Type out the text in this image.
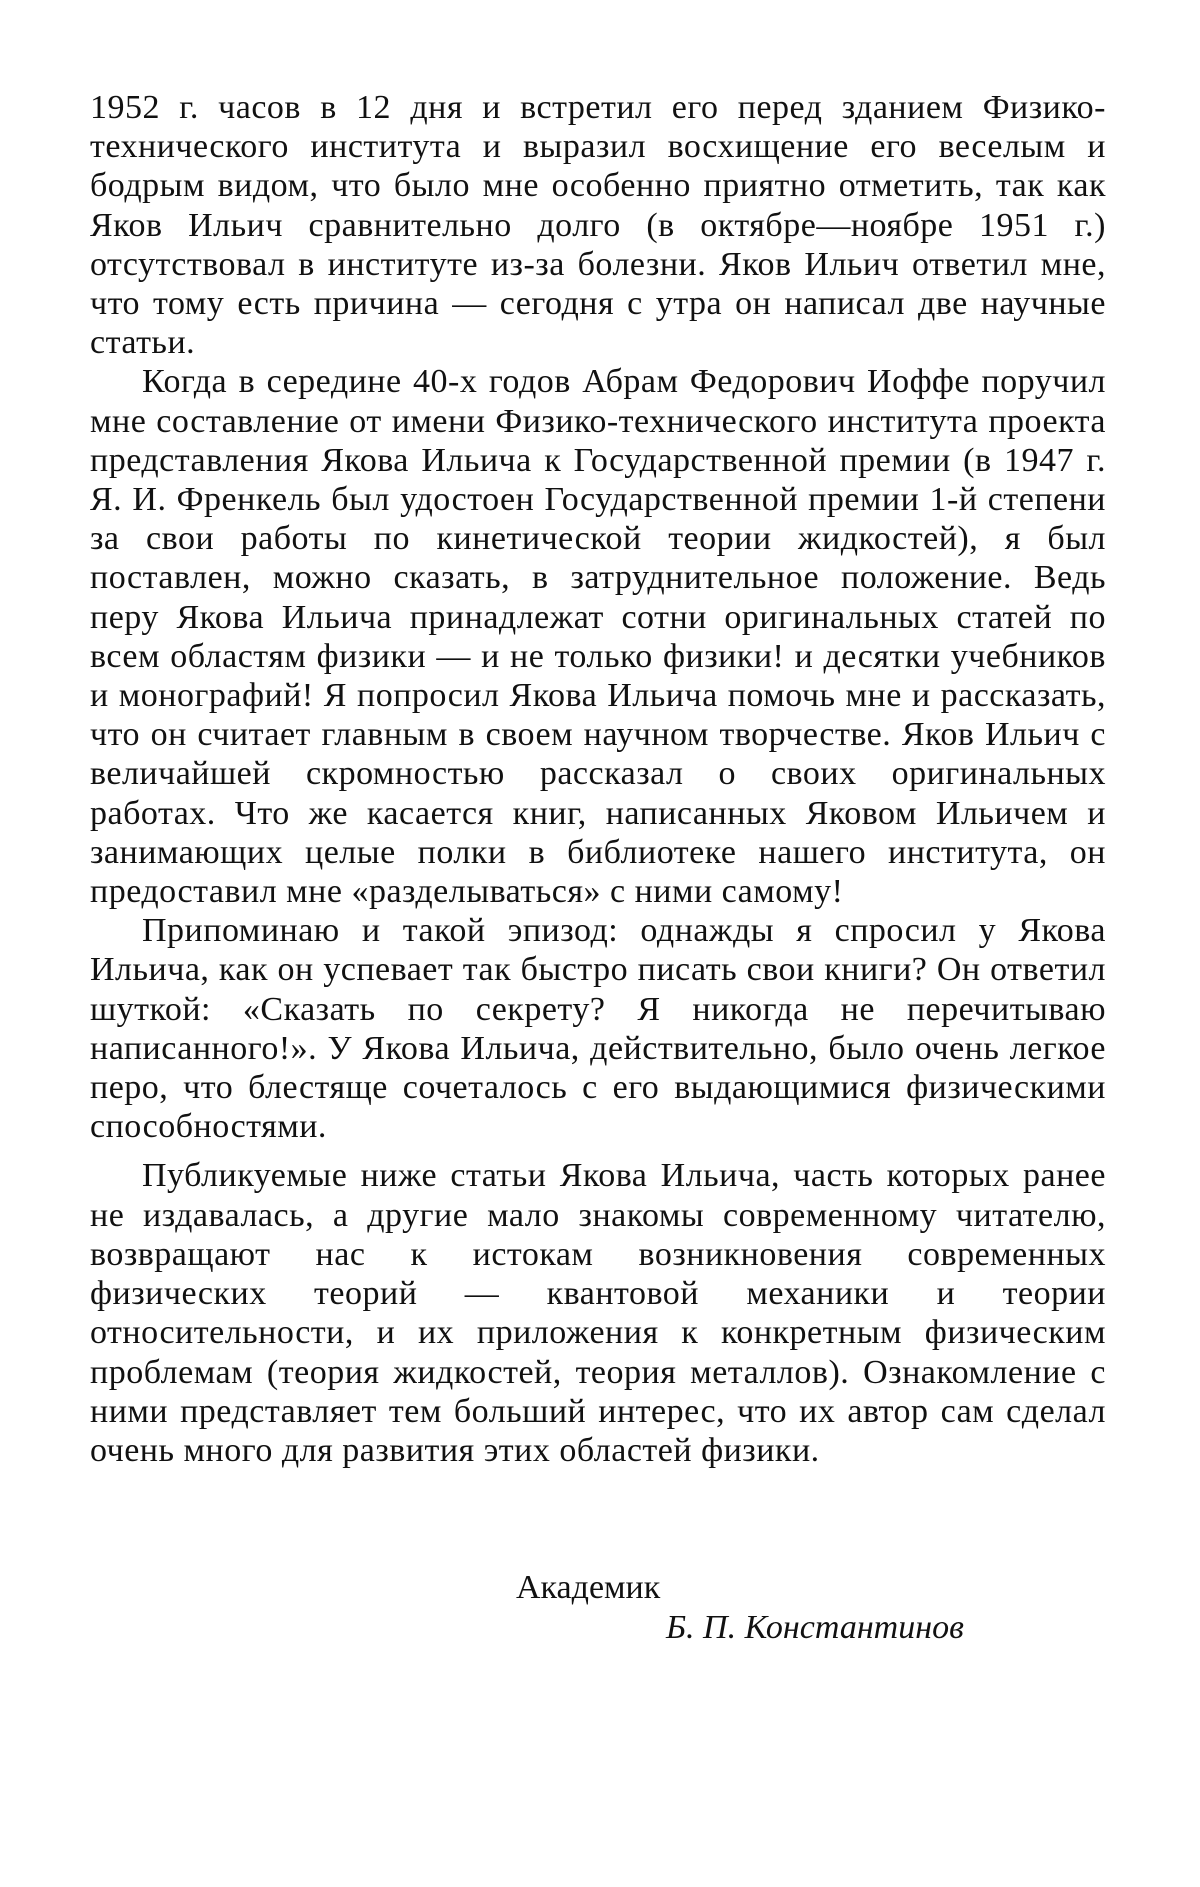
1952 г. часов в 12 дня и встретил его перед зданием Физико-технического института и выразил восхищение его веселым и бодрым видом, что было мне особенно приятно отметить, так как Яков Ильич сравнительно долго (в октябре—ноябре 1951 г.) отсутствовал в институте из-за болезни. Яков Ильич ответил мне, что тому есть причина — сегодня с утра он написал две научные статьи.

Когда в середине 40-х годов Абрам Федорович Иоффе поручил мне составление от имени Физико-технического института проекта представления Якова Ильича к Государственной премии (в 1947 г. Я. И. Френкель был удостоен Государственной премии 1-й степени за свои работы по кинетической теории жидкостей), я был поставлен, можно сказать, в затруднительное положение. Ведь перу Якова Ильича принадлежат сотни оригинальных статей по всем областям физики — и не только физики! и десятки учебников и монографий! Я попросил Якова Ильича помочь мне и рассказать, что он считает главным в своем научном творчестве. Яков Ильич с величайшей скромностью рассказал о своих оригинальных работах. Что же касается книг, написанных Яковом Ильичем и занимающих целые полки в библиотеке нашего института, он предоставил мне «разделываться» с ними самому!

Припоминаю и такой эпизод: однажды я спросил у Якова Ильича, как он успевает так быстро писать свои книги? Он ответил шуткой: «Сказать по секрету? Я никогда не перечитываю написанного!». У Якова Ильича, действительно, было очень легкое перо, что блестяще сочеталось с его выдающимися физическими способностями.

Публикуемые ниже статьи Якова Ильича, часть которых ранее не издавалась, а другие мало знакомы современному читателю, возвращают нас к истокам возникновения современных физических теорий — квантовой механики и теории относительности, и их приложения к конкретным физическим проблемам (теория жидкостей, теория металлов). Ознакомление с ними представляет тем больший интерес, что их автор сам сделал очень много для развития этих областей физики.

Академик
Б. П. Константинов
